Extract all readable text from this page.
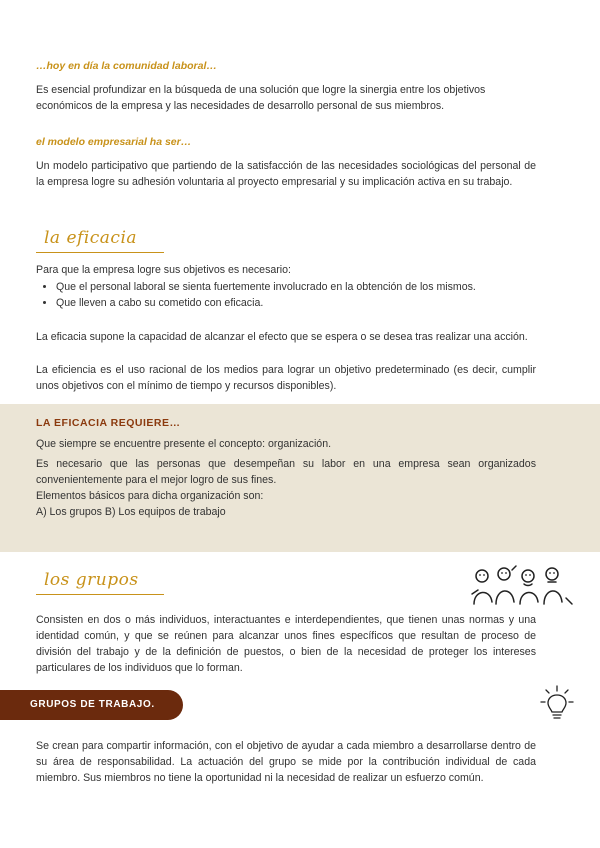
…hoy en día la comunidad laboral…

Es esencial profundizar en la búsqueda de una solución que logre la sinergia entre los objetivos económicos de la empresa y las necesidades de desarrollo personal de sus miembros.

el modelo empresarial ha ser…

Un modelo participativo que partiendo de la satisfacción de las necesidades sociológicas del personal de la empresa logre su adhesión voluntaria al proyecto empresarial y su implicación activa en su trabajo.

la eficacia

Para que la empresa logre sus objetivos es necesario:

• Que el personal laboral se sienta fuertemente involucrado en la obtención de los mismos.
• Que lleven a cabo su cometido con eficacia.

La eficacia supone la capacidad de alcanzar el efecto que se espera o se desea tras realizar una acción.

La eficiencia es el uso racional de los medios para lograr un objetivo predeterminado (es decir, cumplir unos objetivos con el mínimo de tiempo y recursos disponibles).

LA EFICACIA REQUIERE…

Que siempre se encuentre presente el concepto: organización.

Es necesario que las personas que desempeñan su labor en una empresa sean organizados convenientemente para el mejor logro de sus fines.

Elementos básicos para dicha organización son:

A) Los grupos B) Los equipos de trabajo

los grupos

Consisten en dos o más individuos, interactuantes e interdependientes, que tienen unas normas y una identidad común, y que se reúnen para alcanzar unos fines específicos que resultan de proceso de división del trabajo y de la definición de puestos, o bien de la necesidad de proteger los intereses particulares de los individuos que lo forman.

GRUPOS DE TRABAJO.

Se crean para compartir información, con el objetivo de ayudar a cada miembro a desarrollarse dentro de su área de responsabilidad. La actuación del grupo se mide por la contribución individual de cada miembro. Sus miembros no tiene la oportunidad ni la necesidad de realizar un esfuerzo común.
